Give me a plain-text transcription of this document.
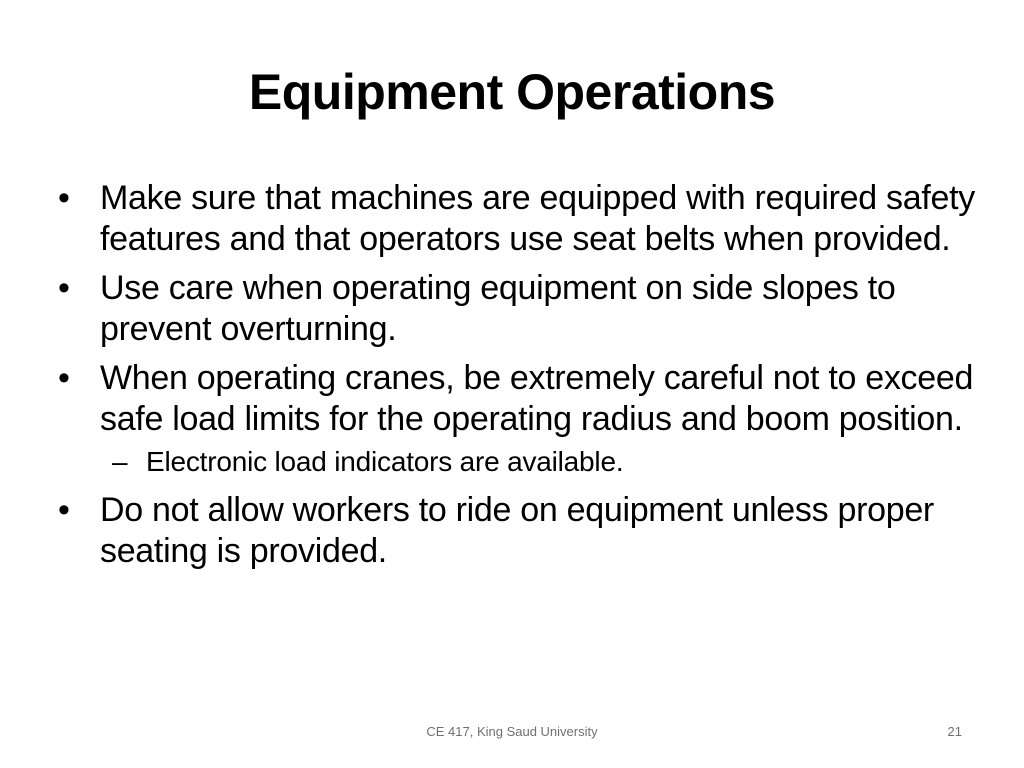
Equipment Operations
• Make sure that machines are equipped with required safety features and that operators use seat belts when provided.
• Use care when operating equipment on side slopes to prevent overturning.
• When operating cranes, be extremely careful not to exceed safe load limits for the operating radius and boom position.
– Electronic load indicators are available.
• Do not allow workers to ride on equipment unless proper seating is provided.
CE 417, King Saud University	21
